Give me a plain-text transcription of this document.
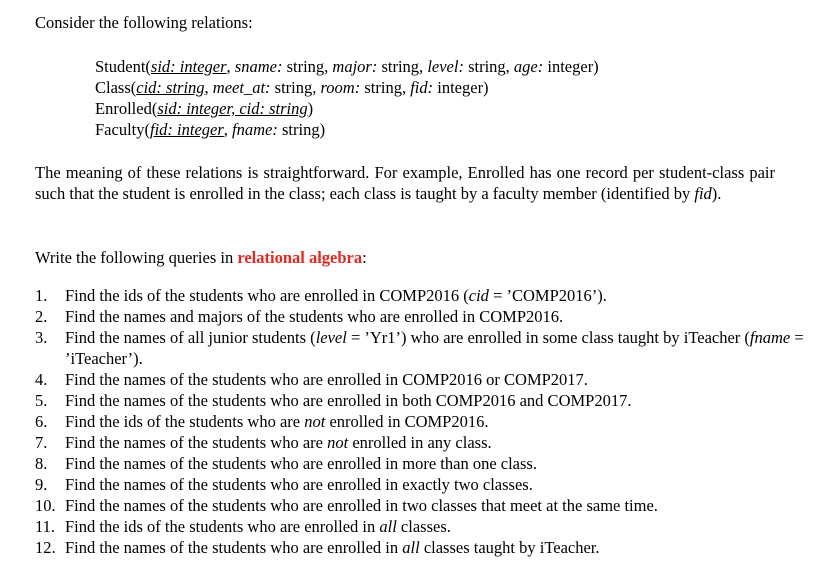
Consider the following relations:
Student(sid: integer, sname: string, major: string, level: string, age: integer)
Class(cid: string, meet_at: string, room: string, fid: integer)
Enrolled(sid: integer, cid: string)
Faculty(fid: integer, fname: string)
The meaning of these relations is straightforward. For example, Enrolled has one record per student-class pair such that the student is enrolled in the class; each class is taught by a faculty member (identified by fid).
Write the following queries in relational algebra:
1. Find the ids of the students who are enrolled in COMP2016 (cid = ’COMP2016’).
2. Find the names and majors of the students who are enrolled in COMP2016.
3. Find the names of all junior students (level = ’Yr1’) who are enrolled in some class taught by iTeacher (fname = ’iTeacher’).
4. Find the names of the students who are enrolled in COMP2016 or COMP2017.
5. Find the names of the students who are enrolled in both COMP2016 and COMP2017.
6. Find the ids of the students who are not enrolled in COMP2016.
7. Find the names of the students who are not enrolled in any class.
8. Find the names of the students who are enrolled in more than one class.
9. Find the names of the students who are enrolled in exactly two classes.
10. Find the names of the students who are enrolled in two classes that meet at the same time.
11. Find the ids of the students who are enrolled in all classes.
12. Find the names of the students who are enrolled in all classes taught by iTeacher.
